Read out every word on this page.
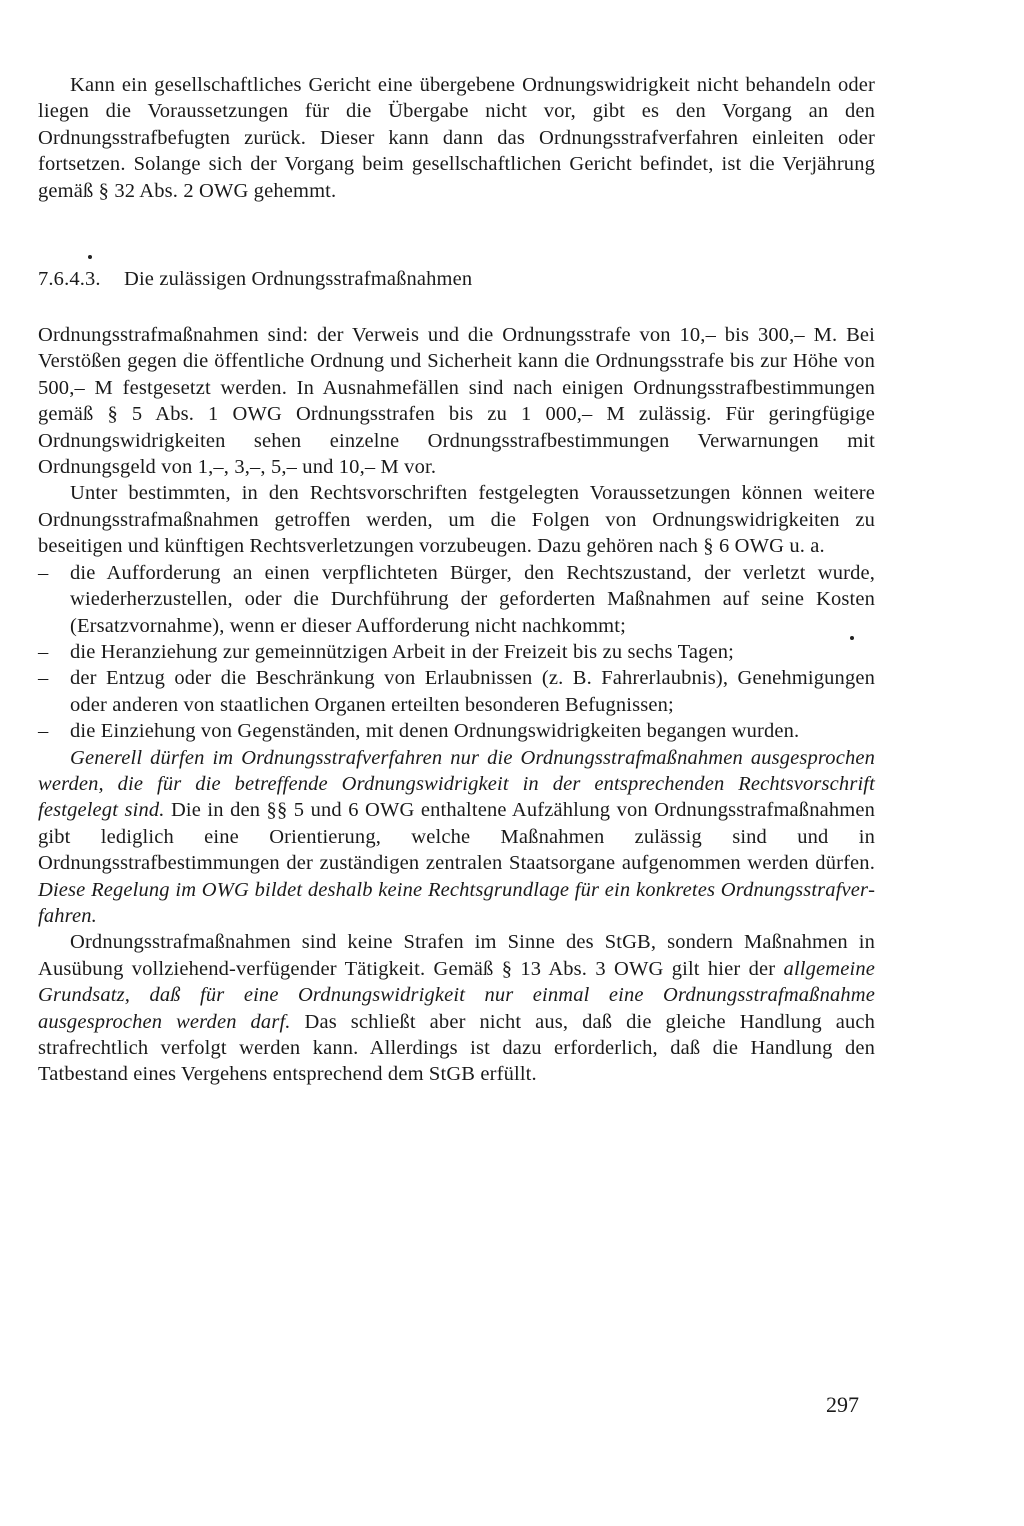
Kann ein gesellschaftliches Gericht eine übergebene Ordnungswidrigkeit nicht behandeln oder liegen die Voraussetzungen für die Übergabe nicht vor, gibt es den Vorgang an den Ordnungsstrafbefugten zurück. Dieser kann dann das Ordnungsstrafverfahren einleiten oder fortsetzen. Solange sich der Vorgang beim gesellschaftlichen Gericht befindet, ist die Verjährung gemäß § 32 Abs. 2 OWG gehemmt.

7.6.4.3. Die zulässigen Ordnungsstrafmaßnahmen

Ordnungsstrafmaßnahmen sind: der Verweis und die Ordnungsstrafe von 10,– bis 300,– M. Bei Verstößen gegen die öffentliche Ordnung und Sicherheit kann die Ordnungsstrafe bis zur Höhe von 500,– M festgesetzt werden. In Ausnahmefällen sind nach einigen Ordnungsstrafbestimmungen gemäß § 5 Abs. 1 OWG Ordnungsstrafen bis zu 1 000,– M zulässig. Für geringfügige Ordnungswidrigkeiten sehen einzelne Ordnungsstrafbestimmungen Verwarnungen mit Ordnungsgeld von 1,–, 3,–, 5,– und 10,– M vor.

Unter bestimmten, in den Rechtsvorschriften festgelegten Voraussetzungen können weitere Ordnungsstrafmaßnahmen getroffen werden, um die Folgen von Ordnungswidrigkeiten zu beseitigen und künftigen Rechtsverletzungen vorzubeugen. Dazu gehören nach § 6 OWG u. a.

– die Aufforderung an einen verpflichteten Bürger, den Rechtszustand, der verletzt wurde, wiederherzustellen, oder die Durchführung der geforderten Maßnahmen auf seine Kosten (Ersatzvornahme), wenn er dieser Aufforderung nicht nachkommt;
– die Heranziehung zur gemeinnützigen Arbeit in der Freizeit bis zu sechs Tagen;
– der Entzug oder die Beschränkung von Erlaubnissen (z. B. Fahrerlaubnis), Genehmigungen oder anderen von staatlichen Organen erteilten besonderen Befugnissen;
– die Einziehung von Gegenständen, mit denen Ordnungswidrigkeiten begangen wurden.

Generell dürfen im Ordnungsstrafverfahren nur die Ordnungsstrafmaßnahmen ausgesprochen werden, die für die betreffende Ordnungswidrigkeit in der entsprechenden Rechtsvorschrift festgelegt sind. Die in den §§ 5 und 6 OWG enthaltene Aufzählung von Ordnungsstrafmaßnahmen gibt lediglich eine Orientierung, welche Maßnahmen zulässig sind und in Ordnungsstrafbestimmungen der zuständigen zentralen Staatsorgane aufgenommen werden dürfen. Diese Regelung im OWG bildet deshalb keine Rechtsgrundlage für ein konkretes Ordnungsstrafverfahren.

Ordnungsstrafmaßnahmen sind keine Strafen im Sinne des StGB, sondern Maßnahmen in Ausübung vollziehend-verfügender Tätigkeit. Gemäß § 13 Abs. 3 OWG gilt hier der allgemeine Grundsatz, daß für eine Ordnungswidrigkeit nur einmal eine Ordnungsstrafmaßnahme ausgesprochen werden darf. Das schließt aber nicht aus, daß die gleiche Handlung auch strafrechtlich verfolgt werden kann. Allerdings ist dazu erforderlich, daß die Handlung den Tatbestand eines Vergehens entsprechend dem StGB erfüllt.

297
